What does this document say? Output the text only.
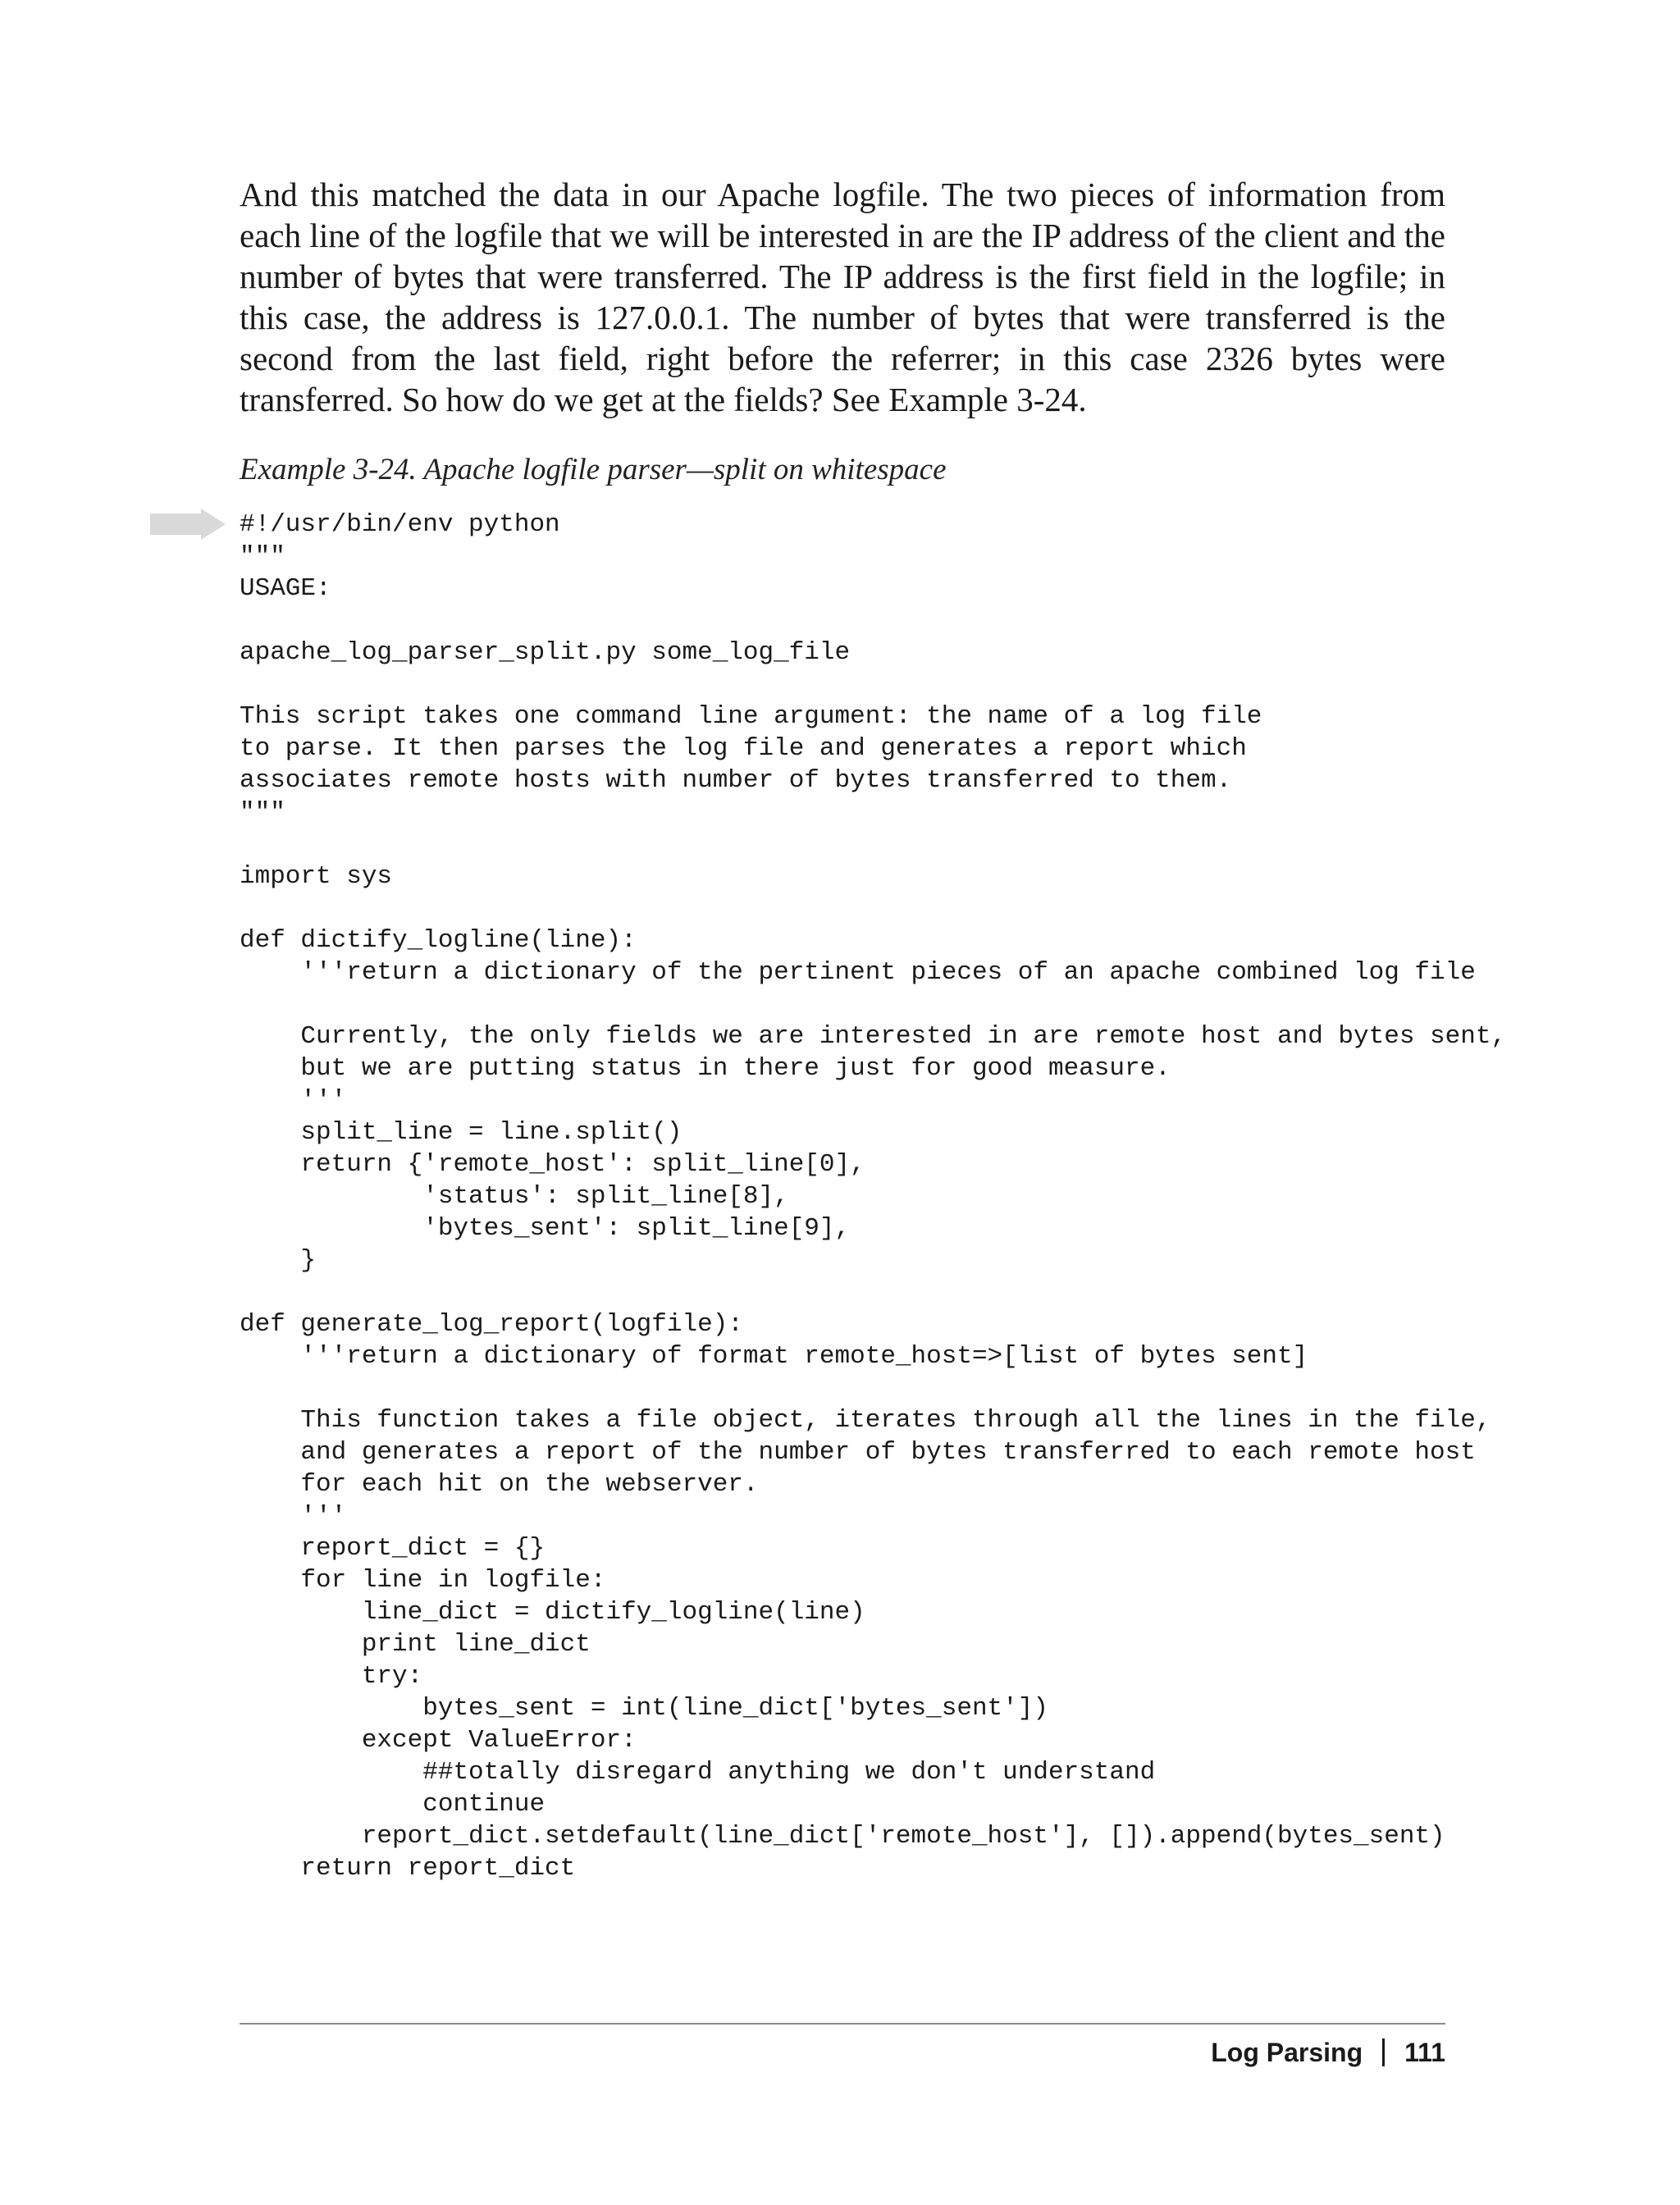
And this matched the data in our Apache logfile. The two pieces of information from each line of the logfile that we will be interested in are the IP address of the client and the number of bytes that were transferred. The IP address is the first field in the logfile; in this case, the address is 127.0.0.1. The number of bytes that were transferred is the second from the last field, right before the referrer; in this case 2326 bytes were transferred. So how do we get at the fields? See Example 3-24.

Example 3-24. Apache logfile parser—split on whitespace

#!/usr/bin/env python
"""
USAGE:
apache_log_parser_split.py some_log_file
This script takes one command line argument: the name of a log file
to parse. It then parses the log file and generates a report which
associates remote hosts with number of bytes transferred to them.
"""
import sys
def dictify_logline(line):
'''return a dictionary of the pertinent pieces of an apache combined log file
Currently, the only fields we are interested in are remote host and bytes sent,
but we are putting status in there just for good measure.
'''
split_line = line.split()
return {'remote_host': split_line[0],
'status': split_line[8],
'bytes_sent': split_line[9],
}
def generate_log_report(logfile):
'''return a dictionary of format remote_host=>[list of bytes sent]
This function takes a file object, iterates through all the lines in the file,
and generates a report of the number of bytes transferred to each remote host
for each hit on the webserver.
'''
report_dict = {}
for line in logfile:
line_dict = dictify_logline(line)
print line_dict
try:
bytes_sent = int(line_dict['bytes_sent'])
except ValueError:
##totally disregard anything we don't understand
continue
report_dict.setdefault(line_dict['remote_host'], []).append(bytes_sent)
return report_dict
Log Parsing 111
